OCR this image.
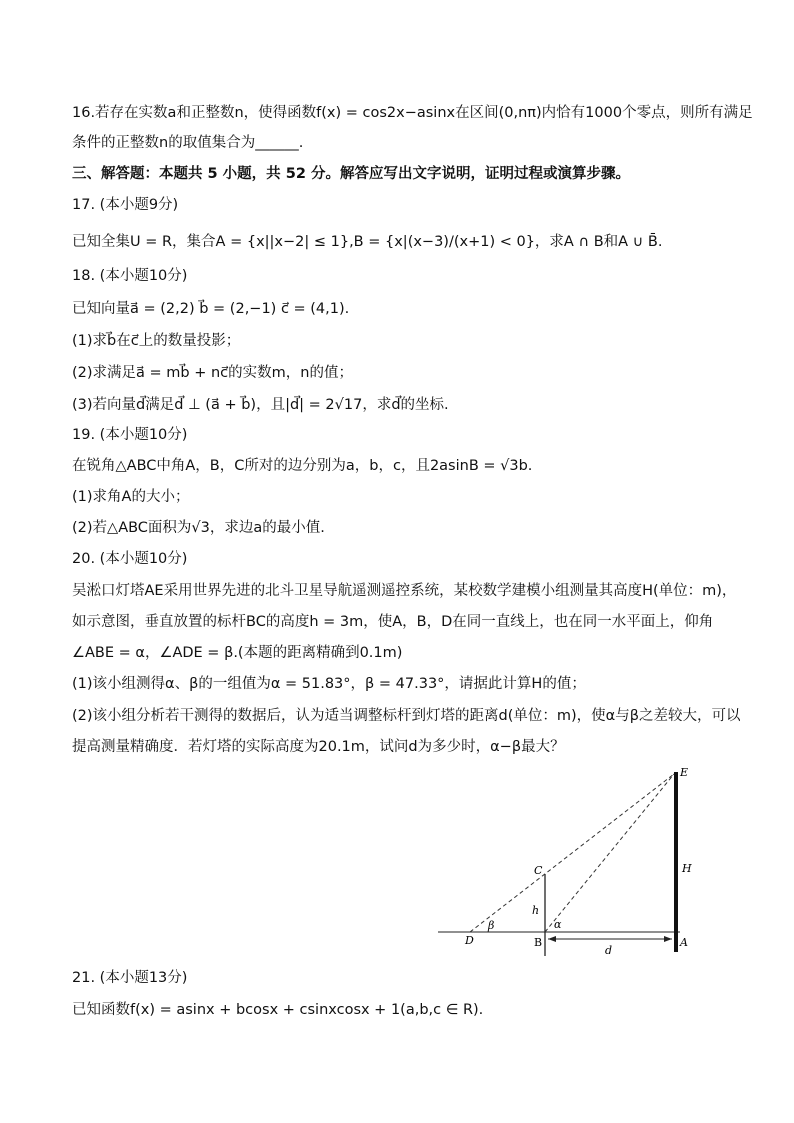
16.若存在实数a和正整数n，使得函数f(x) = cos2x−asinx在区间(0,nπ)内恰有1000个零点，则所有满足
条件的正整数n的取值集合为______.
三、解答题：本题共 5 小题，共 52 分。解答应写出文字说明，证明过程或演算步骤。
17. (本小题9分)
已知全集U = R，集合A = {x||x−2| ≤ 1},B = {x|(x−3)/(x+1) < 0}，求A ∩ B和A ∪ B̄.
18. (本小题10分)
已知向量a⃗ = (2,2) b⃗ = (2,−1) c⃗ = (4,1).
(1)求b⃗在c⃗上的数量投影；
(2)求满足a⃗ = mb⃗ + nc⃗的实数m，n的值；
(3)若向量d⃗满足d⃗ ⊥ (a⃗ + b⃗)，且|d⃗| = 2√17，求d⃗的坐标.
19. (本小题10分)
在锐角△ABC中角A，B，C所对的边分别为a，b，c，且2asinB = √3b.
(1)求角A的大小；
(2)若△ABC面积为√3，求边a的最小值.
20. (本小题10分)
吴淞口灯塔AE采用世界先进的北斗卫星导航遥测遥控系统，某校数学建模小组测量其高度H(单位：m)，
如示意图，垂直放置的标杆BC的高度h = 3m，使A，B，D在同一直线上，也在同一水平面上，仰角
∠ABE = α，∠ADE = β.(本题的距离精确到0.1m)
(1)该小组测得α、β的一组值为α = 51.83°，β = 47.33°，请据此计算H的值；
(2)该小组分析若干测得的数据后，认为适当调整标杆到灯塔的距离d(单位：m)，使α与β之差较大，可以
提高测量精确度．若灯塔的实际高度为20.1m，试问d为多少时，α−β最大？
E
H
C
h
α
β
D	B	A
d
21. (本小题13分)
已知函数f(x) = asinx + bcosx + csinxcosx + 1(a,b,c ∈ R).
